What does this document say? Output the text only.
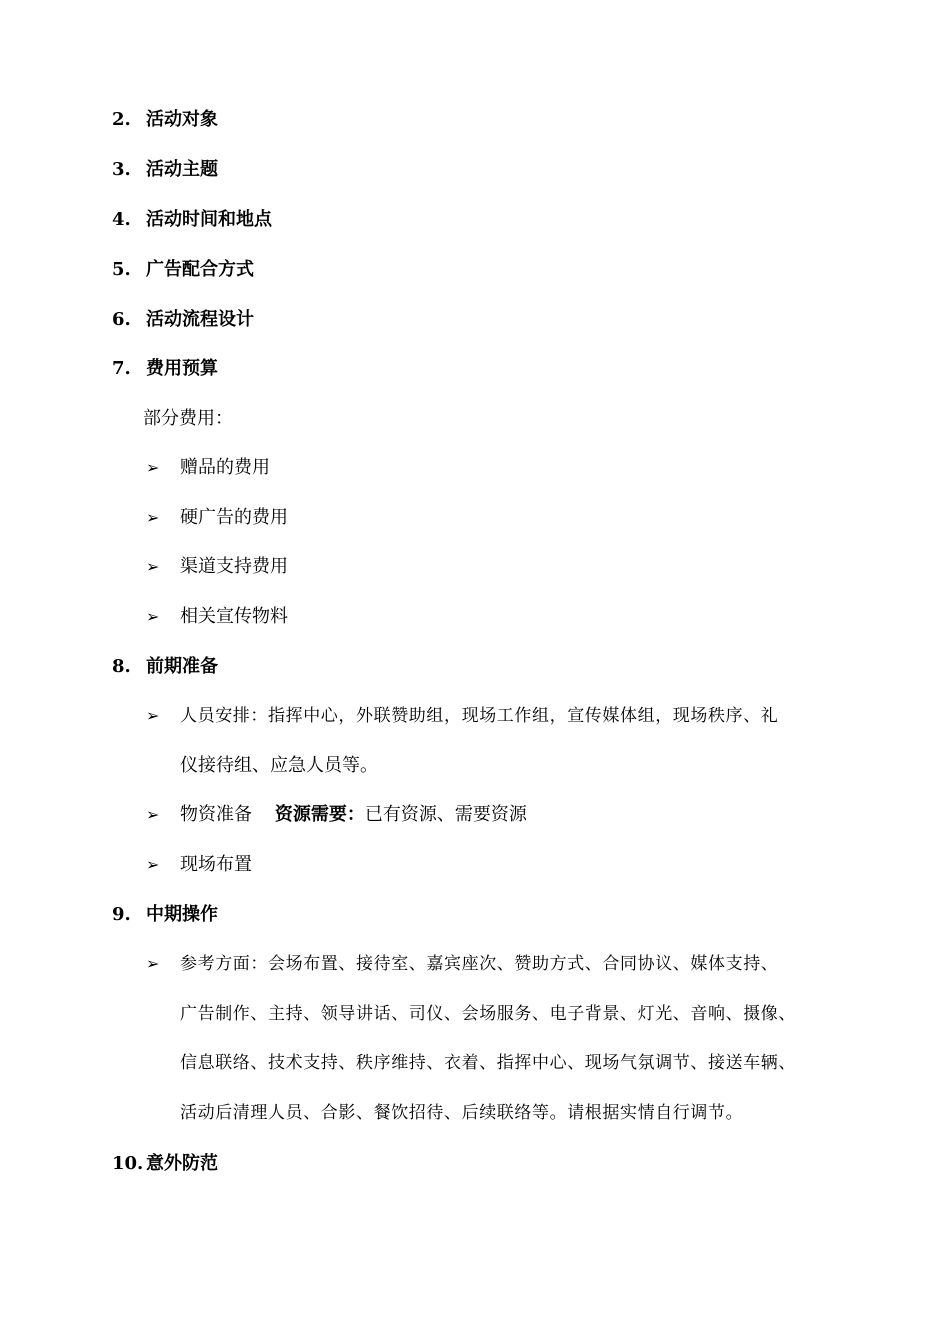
2. 活动对象
3. 活动主题
4. 活动时间和地点
5. 广告配合方式
6. 活动流程设计
7. 费用预算
部分费用：
➢ 赠品的费用
➢ 硬广告的费用
➢ 渠道支持费用
➢ 相关宣传物料
8. 前期准备
➢ 人员安排：指挥中心，外联赞助组，现场工作组，宣传媒体组，现场秩序、礼
仪接待组、应急人员等。
➢ 物资准备 资源需要：已有资源、需要资源
➢ 现场布置
9. 中期操作
➢ 参考方面：会场布置、接待室、嘉宾座次、赞助方式、合同协议、媒体支持、
广告制作、主持、领导讲话、司仪、会场服务、电子背景、灯光、音响、摄像、
信息联络、技术支持、秩序维持、衣着、指挥中心、现场气氛调节、接送车辆、
活动后清理人员、合影、餐饮招待、后续联络等。请根据实情自行调节。
10. 意外防范
